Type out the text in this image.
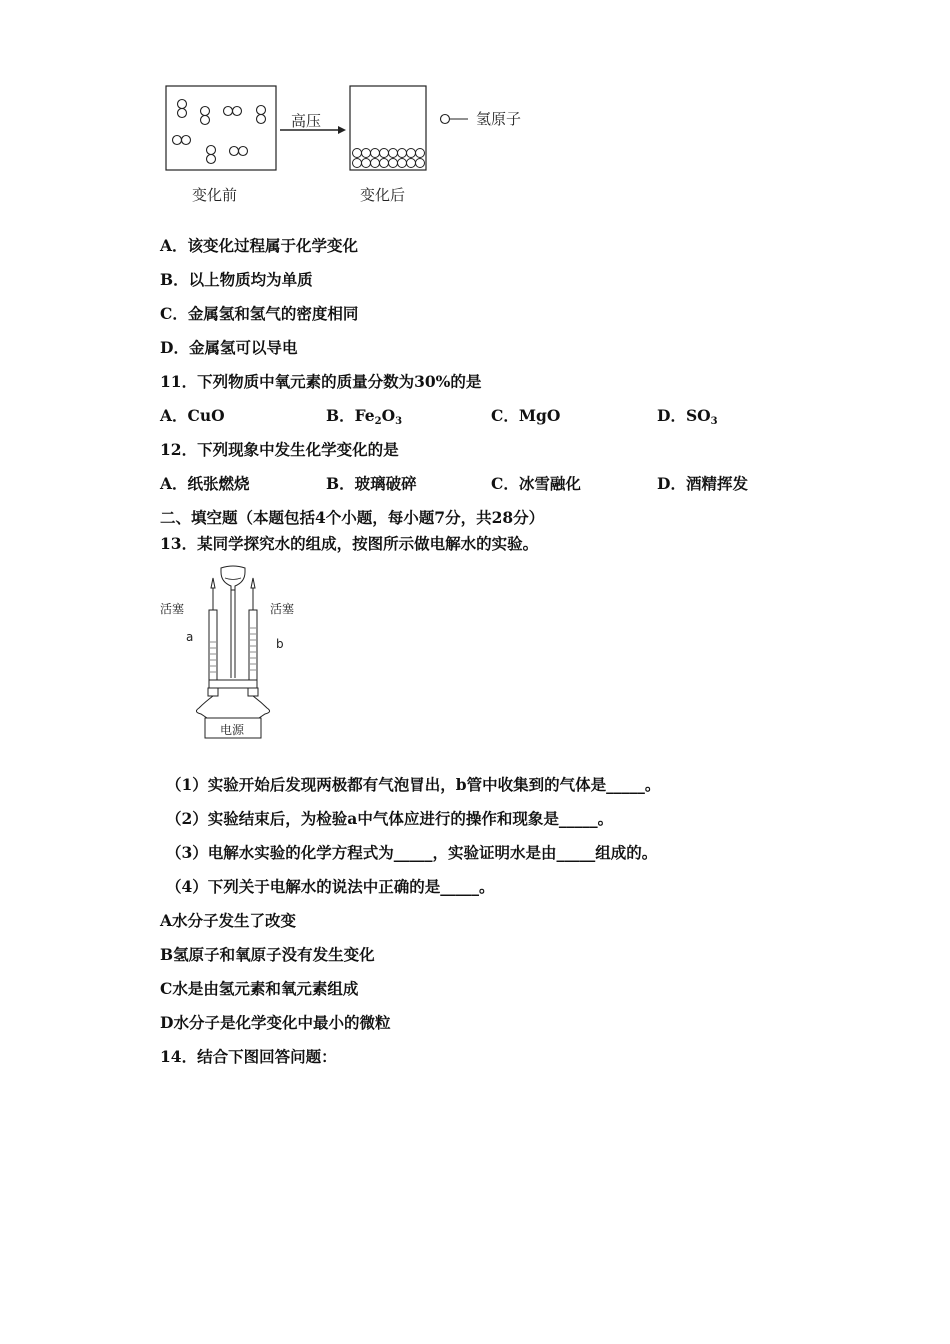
高压
变化前	变化后
氢原子
A．该变化过程属于化学变化
B．以上物质均为单质
C．金属氢和氢气的密度相同
D．金属氢可以导电
11．下列物质中氧元素的质量分数为30%的是
A．CuO	B．$Fe_2O_3$	C．MgO	D．$SO_3$
12．下列现象中发生化学变化的是
A．纸张燃烧	B．玻璃破碎	C．冰雪融化	D．酒精挥发
二、填空题（本题包括4个小题，每小题7分，共28分）
13．某同学探究水的组成，按图所示做电解水的实验。
活塞	活塞
a	b
电源
（1）实验开始后发现两极都有气泡冒出，b管中收集到的气体是_____。
（2）实验结束后，为检验a中气体应进行的操作和现象是_____。
（3）电解水实验的化学方程式为_____，实验证明水是由_____组成的。
（4）下列关于电解水的说法中正确的是_____。
A水分子发生了改变
B氢原子和氧原子没有发生变化
C水是由氢元素和氧元素组成
D水分子是化学变化中最小的微粒
14．结合下图回答问题：
